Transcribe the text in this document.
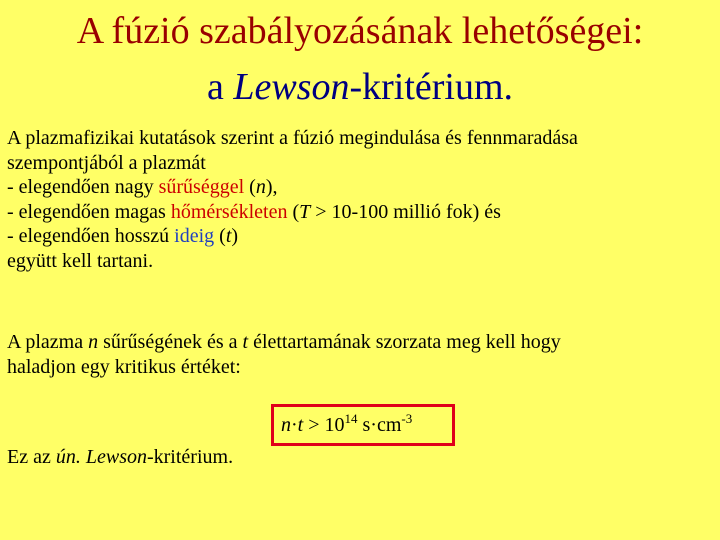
A fúzió szabályozásának lehetőségei:
a Lewson-kritérium.
A plazmafizikai kutatások szerint a fúzió megindulása és fennmaradása
szempontjából a plazmát
- elegendően nagy sűrűséggel (n),
- elegendően magas hőmérsékleten (T > 10-100 millió fok) és
- elegendően hosszú ideig (t)
együtt kell tartani.
A plazma n sűrűségének és a t élettartamának szorzata meg kell hogy
haladjon egy kritikus értéket:
$n\cdot t > 10^{14}$ $s\cdot cm^{-3}$
Ez az ún. Lewson-kritérium.
